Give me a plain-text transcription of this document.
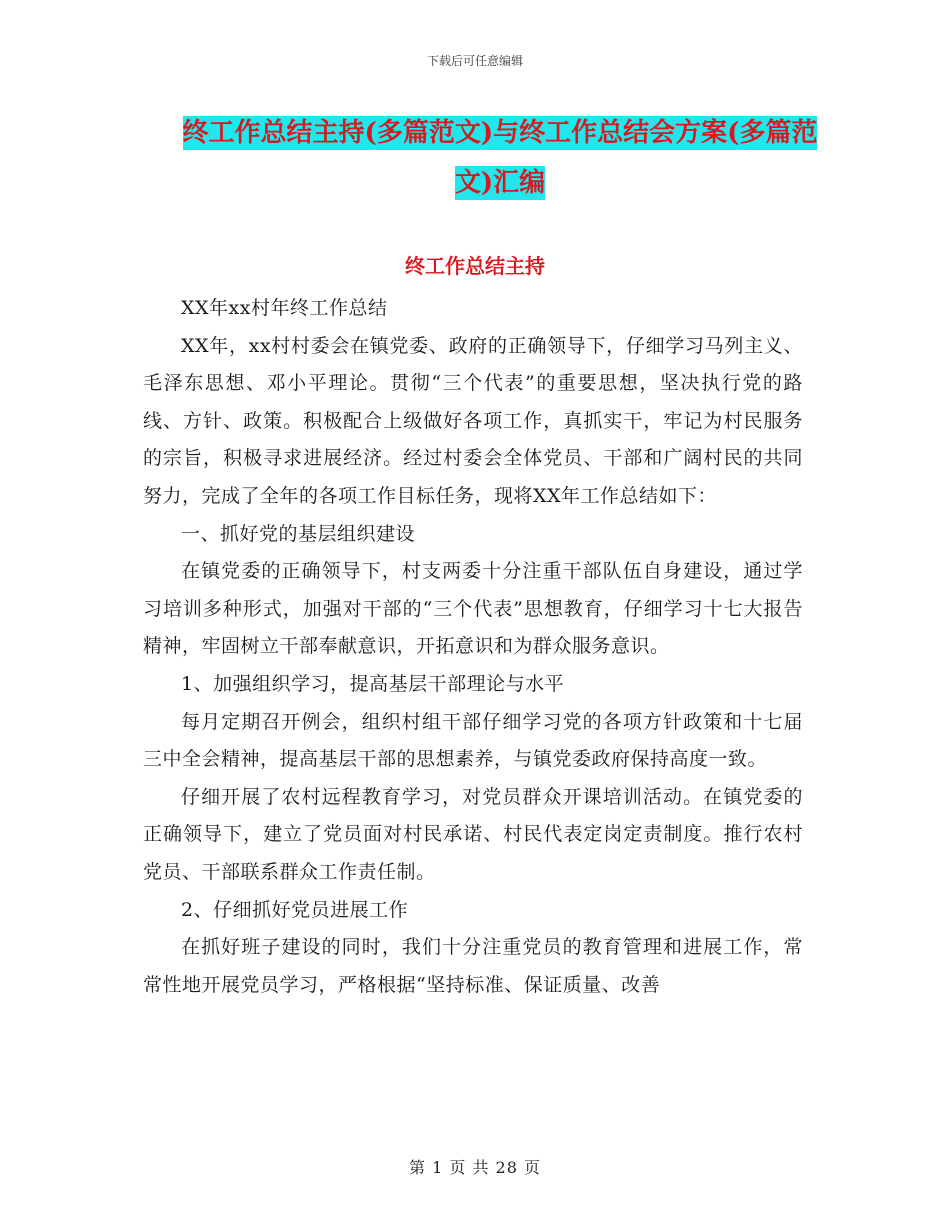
下载后可任意编辑
终工作总结主持(多篇范文)与终工作总结会方案(多篇范文)汇编
终工作总结主持

XX年xx村年终工作总结

XX年，xx村村委会在镇党委、政府的正确领导下，仔细学习马列主义、毛泽东思想、邓小平理论。贯彻“三个代表”的重要思想，坚决执行党的路线、方针、政策。积极配合上级做好各项工作，真抓实干，牢记为村民服务的宗旨，积极寻求进展经济。经过村委会全体党员、干部和广阔村民的共同努力，完成了全年的各项工作目标任务，现将XX年工作总结如下：

一、抓好党的基层组织建设

在镇党委的正确领导下，村支两委十分注重干部队伍自身建设，通过学习培训多种形式，加强对干部的“三个代表”思想教育，仔细学习十七大报告精神，牢固树立干部奉献意识，开拓意识和为群众服务意识。

1、加强组织学习，提高基层干部理论与水平

每月定期召开例会，组织村组干部仔细学习党的各项方针政策和十七届三中全会精神，提高基层干部的思想素养，与镇党委政府保持高度一致。

仔细开展了农村远程教育学习，对党员群众开课培训活动。在镇党委的正确领导下，建立了党员面对村民承诺、村民代表定岗定责制度。推行农村党员、干部联系群众工作责任制。

2、仔细抓好党员进展工作

在抓好班子建设的同时，我们十分注重党员的教育管理和进展工作，常常性地开展党员学习，严格根据“坚持标准、保证质量、改善

第 1 页 共 28 页
